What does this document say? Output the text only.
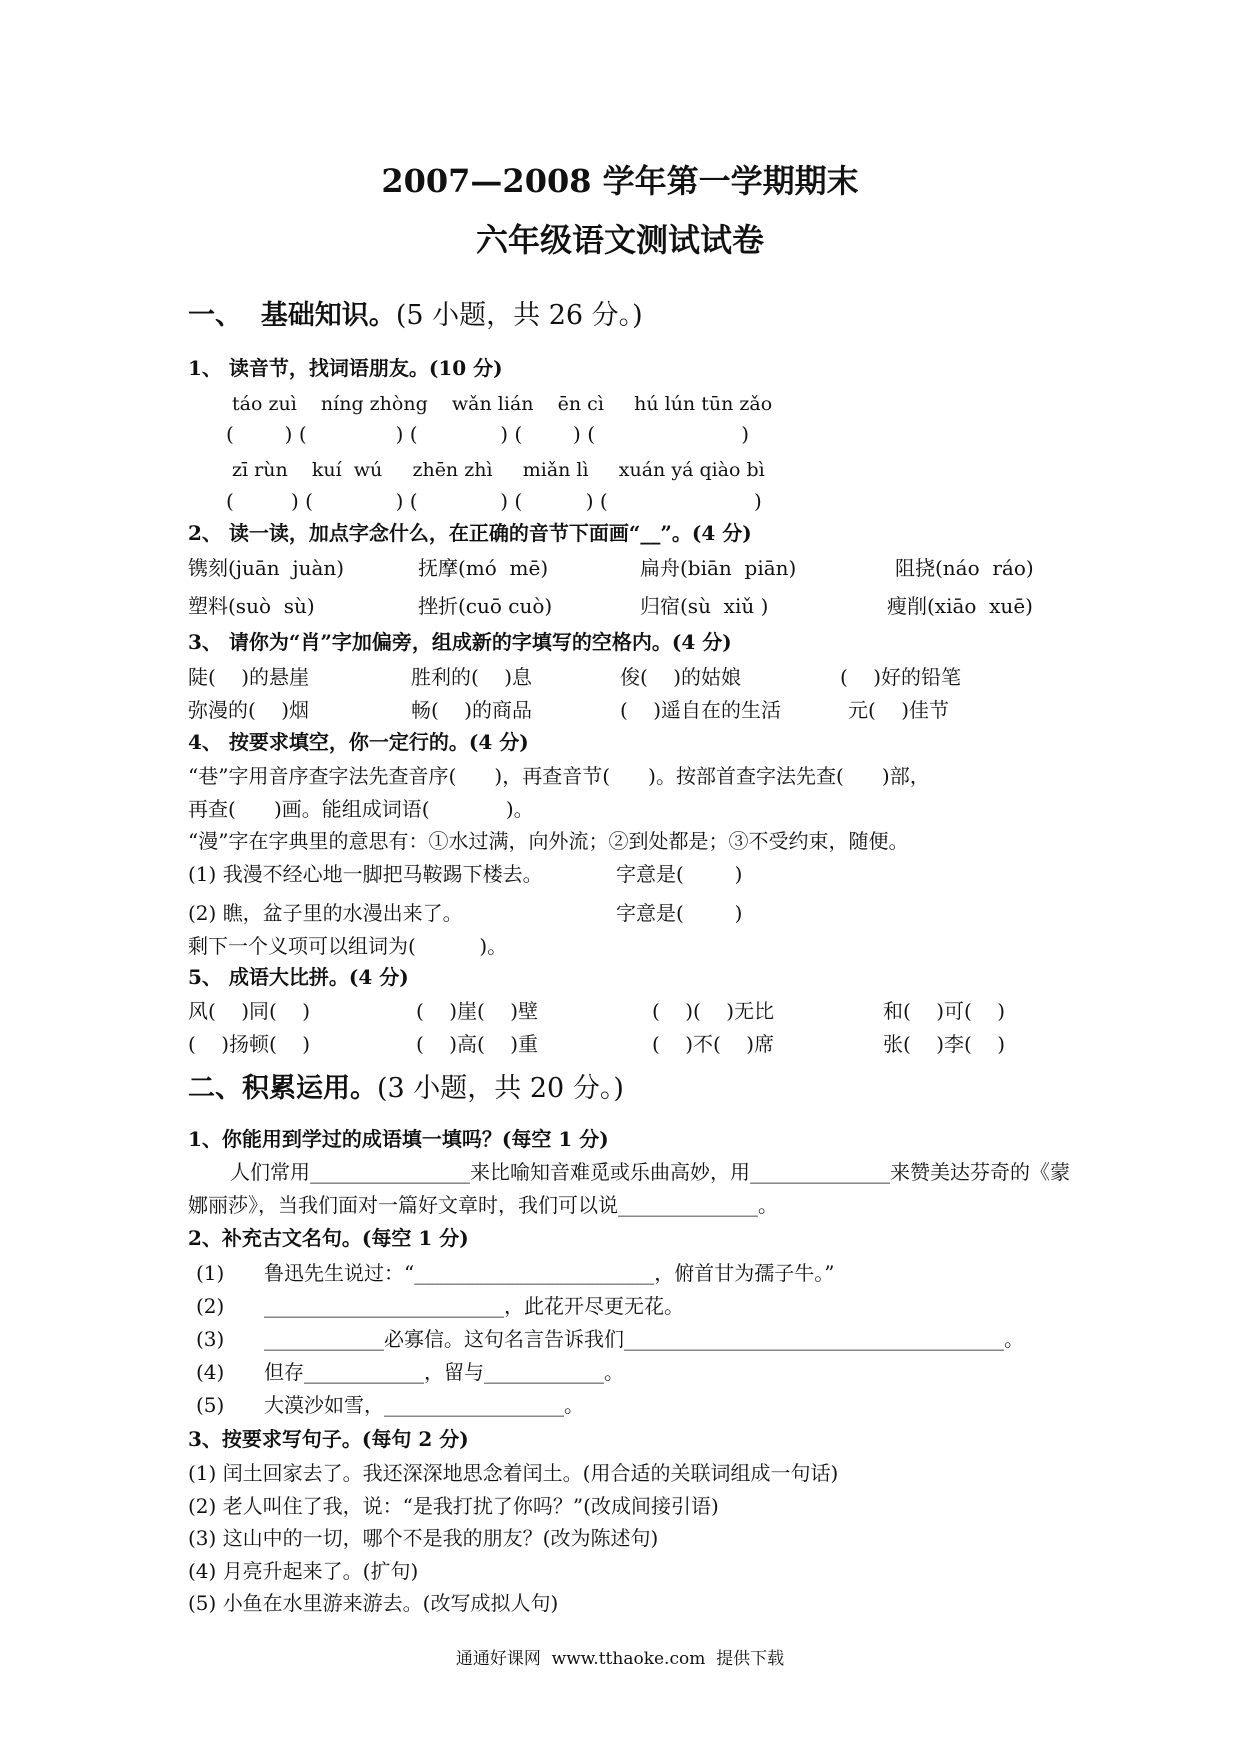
2007—2008 学年第一学期期末
六年级语文测试试卷
一、  基础知识。(5 小题，共 26 分。)
1、 读音节，找词语朋友。(10 分)
táo zuì    níng zhòng    wǎn lián    ēn cì     hú lún tūn zǎo
(        ) (              ) (             ) (        ) (                       )
zī rùn    kuí  wú     zhēn zhì     miǎn lì     xuán yá qiào bì
(         ) (             ) (             ) (          ) (                       )
2、 读一读，加点字念什么，在正确的音节下面画“__”。(4 分)
镌刻(juān  juàn)	抚摩(mó  mē)	扁舟(biān  piān)	阻挠(náo  ráo)
塑料(suò  sù)	挫折(cuō cuò)	归宿(sù  xiǔ )	瘦削(xiāo  xuē)
3、 请你为“肖”字加偏旁，组成新的字填写的空格内。(4 分)
陡(    )的悬崖	胜利的(    )息	俊(    )的姑娘	(    )好的铅笔
弥漫的(    )烟	畅(    )的商品	(    )遥自在的生活	元(    )佳节
4、 按要求填空，你一定行的。(4 分)
“巷”字用音序查字法先查音序(      )，再查音节(      )。按部首查字法先查(      )部，
再查(      )画。能组成词语(            )。
“漫”字在字典里的意思有：①水过满，向外流；②到处都是；③不受约束，随便。
(1) 我漫不经心地一脚把马鞍踢下楼去。	字意是(        )
(2) 瞧，盆子里的水漫出来了。	字意是(        )
剩下一个义项可以组词为(          )。
5、 成语大比拼。(4 分)
风(    )同(    )	(    )崖(    )壁	(    )(    )无比	和(    )可(    )
(    )扬顿(    )	(    )高(    )重	(    )不(    )席	张(    )李(    )
二、积累运用。(3 小题，共 20 分。)
1、你能用到学过的成语填一填吗？(每空 1 分)
人们常用________________来比喻知音难觅或乐曲高妙，用______________来赞美达芬奇的《蒙
娜丽莎》，当我们面对一篇好文章时，我们可以说______________。
2、补充古文名句。(每空 1 分)
(1) 鲁迅先生说过：“________________________，俯首甘为孺子牛。”
(2) ________________________，此花开尽更无花。
(3) ____________必寡信。这句名言告诉我们______________________________________。
(4) 但存____________，留与____________。
(5) 大漠沙如雪，__________________。
3、按要求写句子。(每句 2 分)
(1) 闰土回家去了。我还深深地思念着闰土。(用合适的关联词组成一句话)
(2) 老人叫住了我，说：“是我打扰了你吗？”(改成间接引语)
(3) 这山中的一切，哪个不是我的朋友？(改为陈述句)
(4) 月亮升起来了。(扩句)
(5) 小鱼在水里游来游去。(改写成拟人句)
通通好课网  www.tthaoke.com  提供下载
